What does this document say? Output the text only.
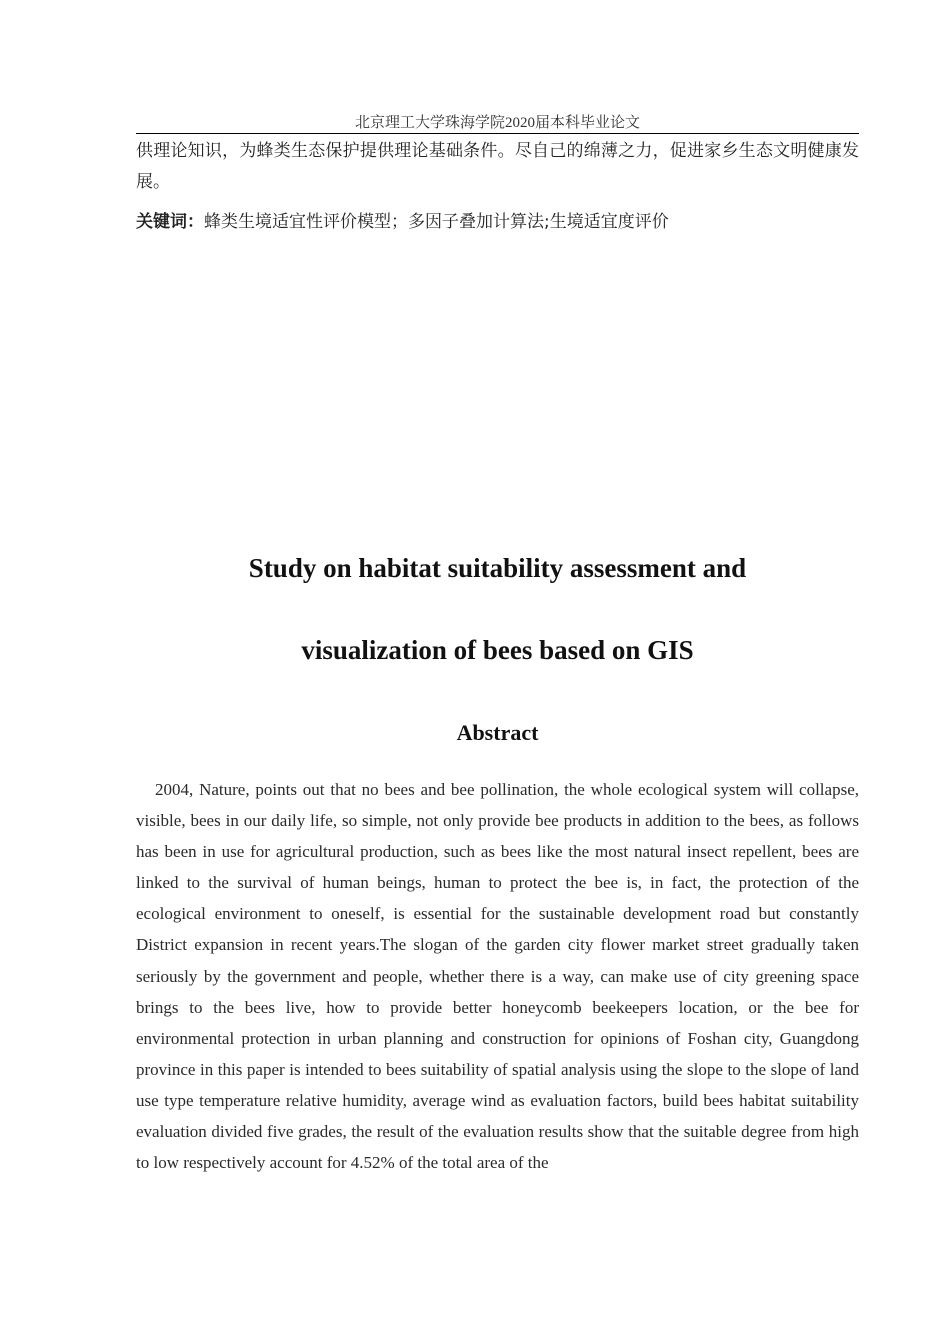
北京理工大学珠海学院2020届本科毕业论文

供理论知识，为蜂类生态保护提供理论基础条件。尽自己的绵薄之力，促进家乡生态文明健康发展。

关键词：蜂类生境适宜性评价模型；多因子叠加计算法;生境适宜度评价

Study on habitat suitability assessment and
visualization of bees based on GIS
Abstract

2004, Nature, points out that no bees and bee pollination, the whole ecological system will collapse, visible, bees in our daily life, so simple, not only provide bee products in addition to the bees, as follows has been in use for agricultural production, such as bees like the most natural insect repellent, bees are linked to the survival of human beings, human to protect the bee is, in fact, the protection of the ecological environment to oneself, is essential for the sustainable development road but constantly District expansion in recent years.The slogan of the garden city flower market street gradually taken seriously by the government and people, whether there is a way, can make use of city greening space brings to the bees live, how to provide better honeycomb beekeepers location, or the bee for environmental protection in urban planning and construction for opinions of Foshan city, Guangdong province in this paper is intended to bees suitability of spatial analysis using the slope to the slope of land use type temperature relative humidity, average wind as evaluation factors, build bees habitat suitability evaluation divided five grades, the result of the evaluation results show that the suitable degree from high to low respectively account for 4.52% of the total area of the
